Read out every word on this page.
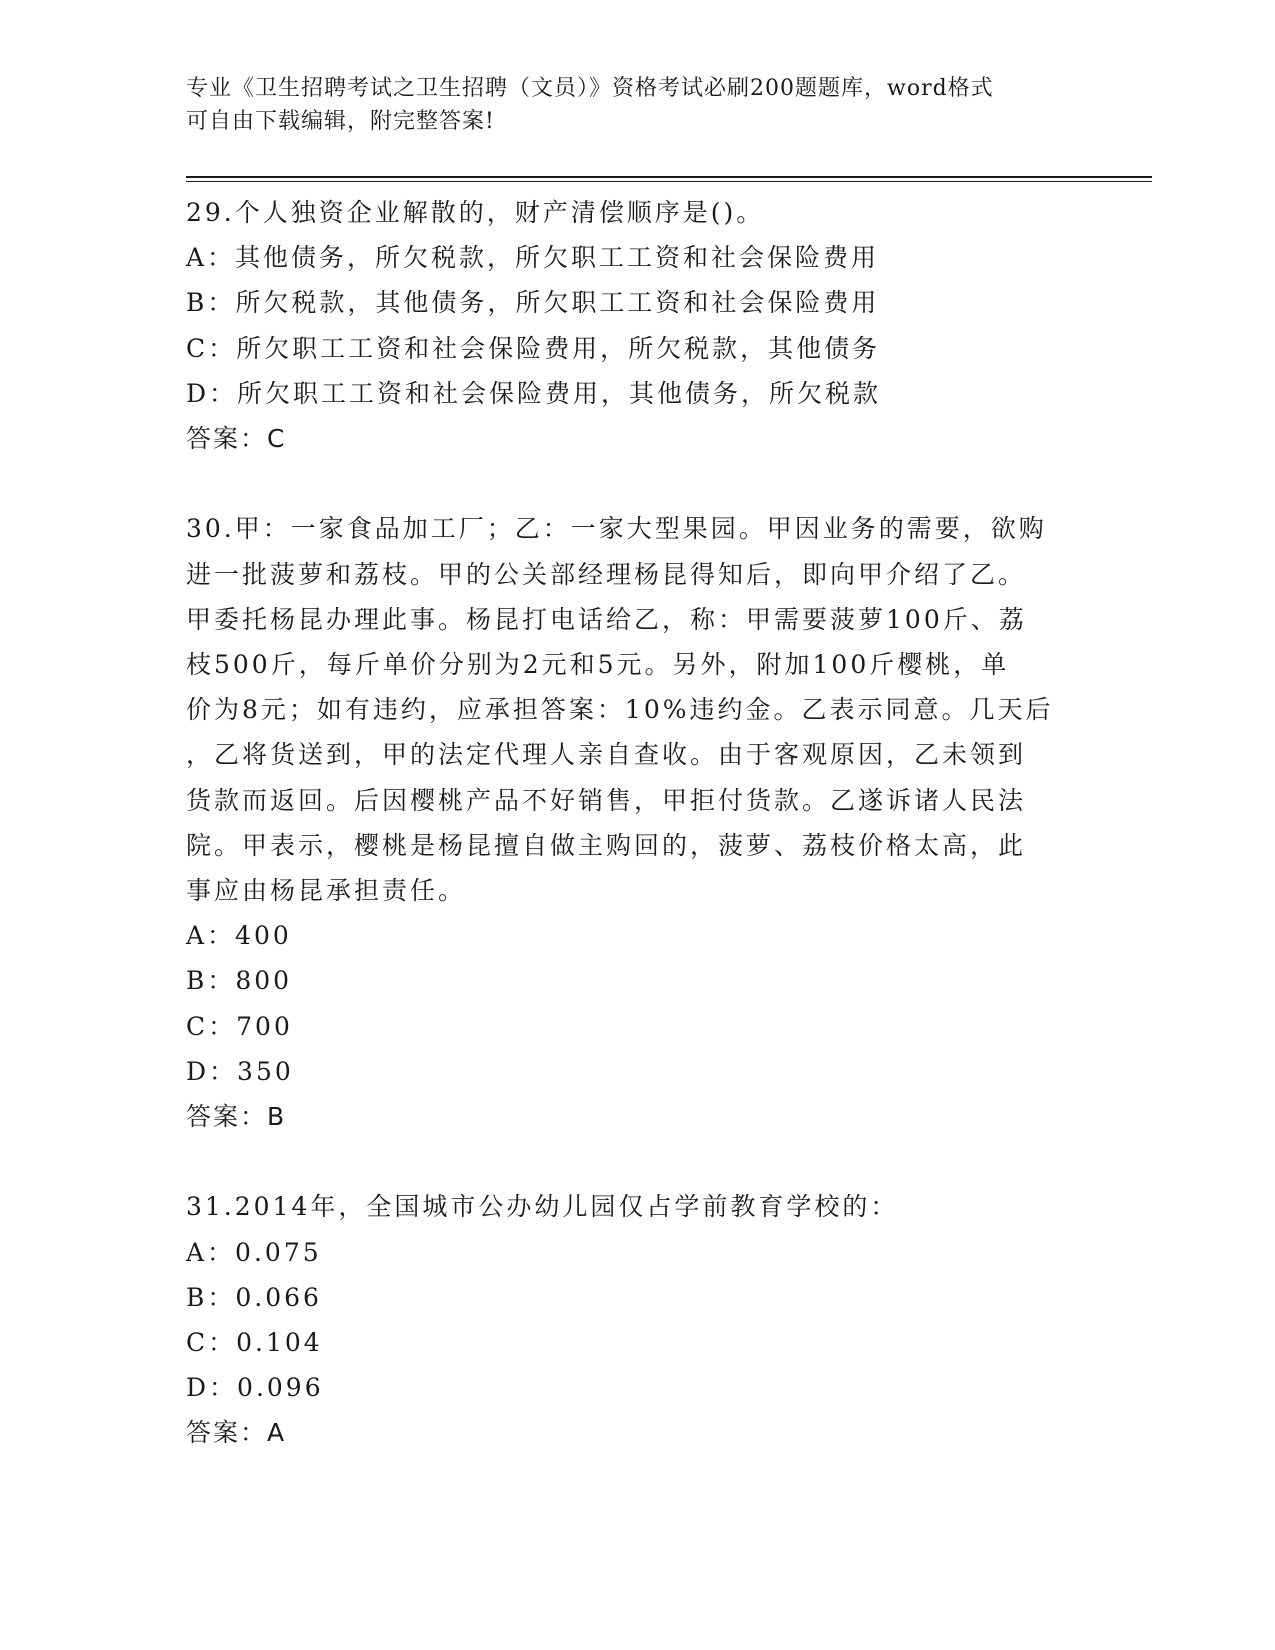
专业《卫生招聘考试之卫生招聘（文员）》资格考试必刷200题题库，word格式
可自由下载编辑，附完整答案!
29.个人独资企业解散的，财产清偿顺序是()。
A：其他债务，所欠税款，所欠职工工资和社会保险费用
B：所欠税款，其他债务，所欠职工工资和社会保险费用
C：所欠职工工资和社会保险费用，所欠税款，其他债务
D：所欠职工工资和社会保险费用，其他债务，所欠税款
答案：C
30.甲：一家食品加工厂；乙：一家大型果园。甲因业务的需要，欲购
进一批菠萝和荔枝。甲的公关部经理杨昆得知后，即向甲介绍了乙。
甲委托杨昆办理此事。杨昆打电话给乙，称：甲需要菠萝100斤、荔
枝500斤，每斤单价分别为2元和5元。另外，附加100斤樱桃，单
价为8元；如有违约，应承担答案：10%违约金。乙表示同意。几天后
，乙将货送到，甲的法定代理人亲自查收。由于客观原因，乙未领到
货款而返回。后因樱桃产品不好销售，甲拒付货款。乙遂诉诸人民法
院。甲表示，樱桃是杨昆擅自做主购回的，菠萝、荔枝价格太高，此
事应由杨昆承担责任。
A：400
B：800
C：700
D：350
答案：B
31.2014年，全国城市公办幼儿园仅占学前教育学校的：
A：0.075
B：0.066
C：0.104
D：0.096
答案：A
